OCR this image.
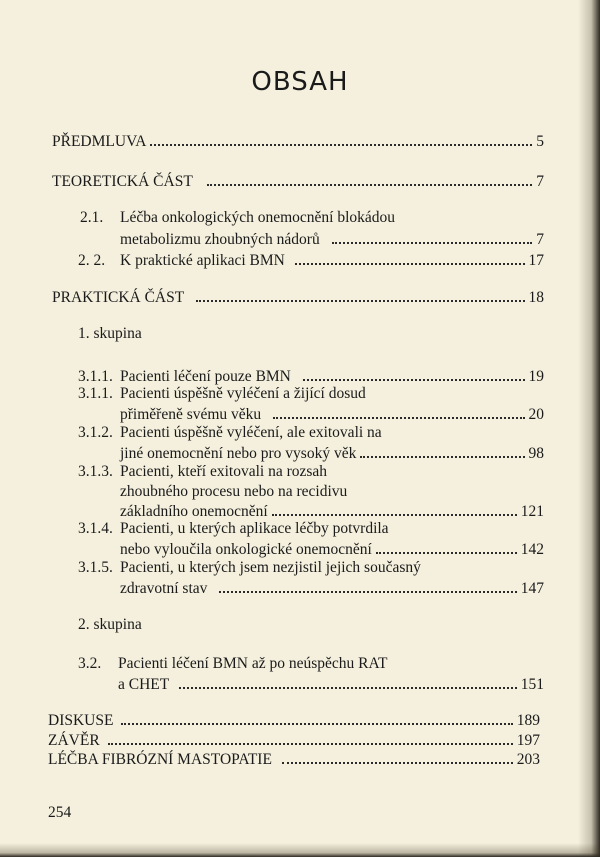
OBSAH
PŘEDMLUVA	5
TEORETICKÁ ČÁST	7
2.1. Léčba onkologických onemocnění blokádou
metabolizmu zhoubných nádorů	7
2. 2. K praktické aplikaci BMN	17
PRAKTICKÁ ČÁST	18
1. skupina
3.1.1. Pacienti léčení pouze BMN	19
3.1.1. Pacienti úspěšně vyléčení a žijící dosud
přiměřeně svému věku	20
3.1.2. Pacienti úspěšně vyléčení, ale exitovali na
jiné onemocnění nebo pro vysoký věk	98
3.1.3. Pacienti, kteří exitovali na rozsah
zhoubného procesu nebo na recidivu
základního onemocnění	121
3.1.4. Pacienti, u kterých aplikace léčby potvrdila
nebo vyloučila onkologické onemocnění	142
3.1.5. Pacienti, u kterých jsem nezjistil jejich současný
zdravotní stav	147
2. skupina
3.2. Pacienti léčení BMN až po neúspěchu RAT
a CHET	151
DISKUSE	189
ZÁVĚR	197
LÉČBA FIBRÓZNÍ MASTOPATIE	203
254
